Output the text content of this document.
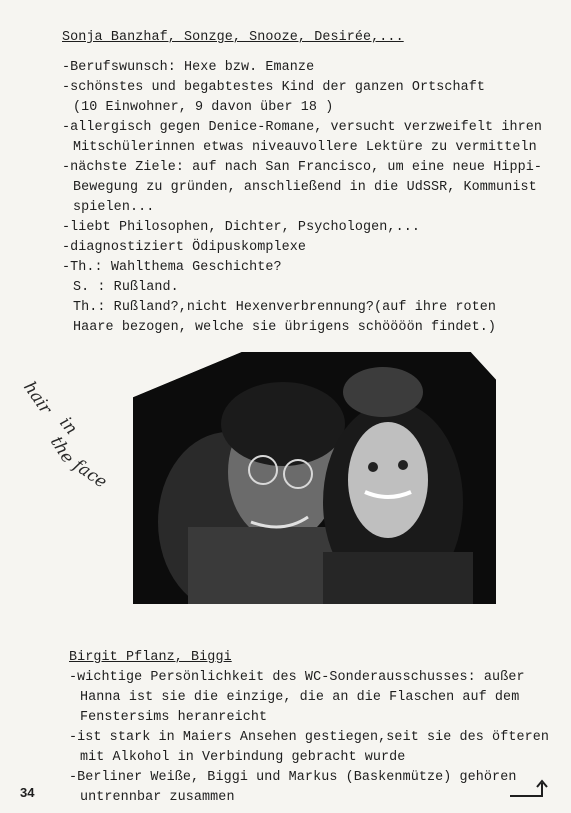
Sonja Banzhaf, Sonzge, Snooze, Desirée,...
-Berufswunsch: Hexe bzw. Emanze
-schönstes und begabtestes Kind der ganzen Ortschaft
(10 Einwohner, 9 davon über 18 )
-allergisch gegen Denice-Romane, versucht verzweifelt ihren
Mitschülerinnen etwas niveauvollere Lektüre zu vermitteln
-nächste Ziele: auf nach San Francisco, um eine neue Hippi-
Bewegung zu gründen, anschließend in die UdSSR, Kommunist
spielen...
-liebt Philosophen, Dichter, Psychologen,...
-diagnostiziert Ödipuskomplexe
-Th.: Wahlthema Geschichte?
S. : Rußland.
Th.: Rußland?,nicht Hexenverbrennung?(auf ihre roten
Haare bezogen, welche sie übrigens schöööön findet.)
hair
in
the
face
Birgit Pflanz, Biggi
-wichtige Persönlichkeit des WC-Sonderausschusses: außer
Hanna ist sie die einzige, die an die Flaschen auf dem
Fenstersims heranreicht
-ist stark in Maiers Ansehen gestiegen,seit sie des öfteren
mit Alkohol in Verbindung gebracht wurde
-Berliner Weiße, Biggi und Markus (Baskenmütze) gehören
untrennbar zusammen
34
